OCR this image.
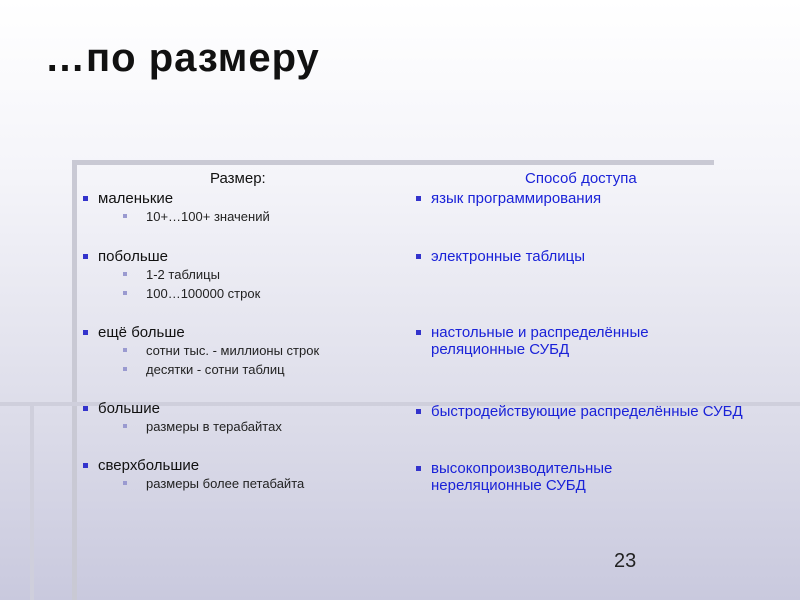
…по размеру
Размер:
маленькие
10+…100+ значений
побольше
1-2 таблицы
100…100000 строк
ещё больше
сотни тыс. - миллионы строк
десятки - сотни таблиц
большие
размеры в терабайтах
сверхбольшие
размеры более петабайта
Способ доступа
язык программирования
электронные таблицы
настольные и распределённые реляционные СУБД
быстродействующие распределённые СУБД
высокопроизводительные нереляционные СУБД
23
